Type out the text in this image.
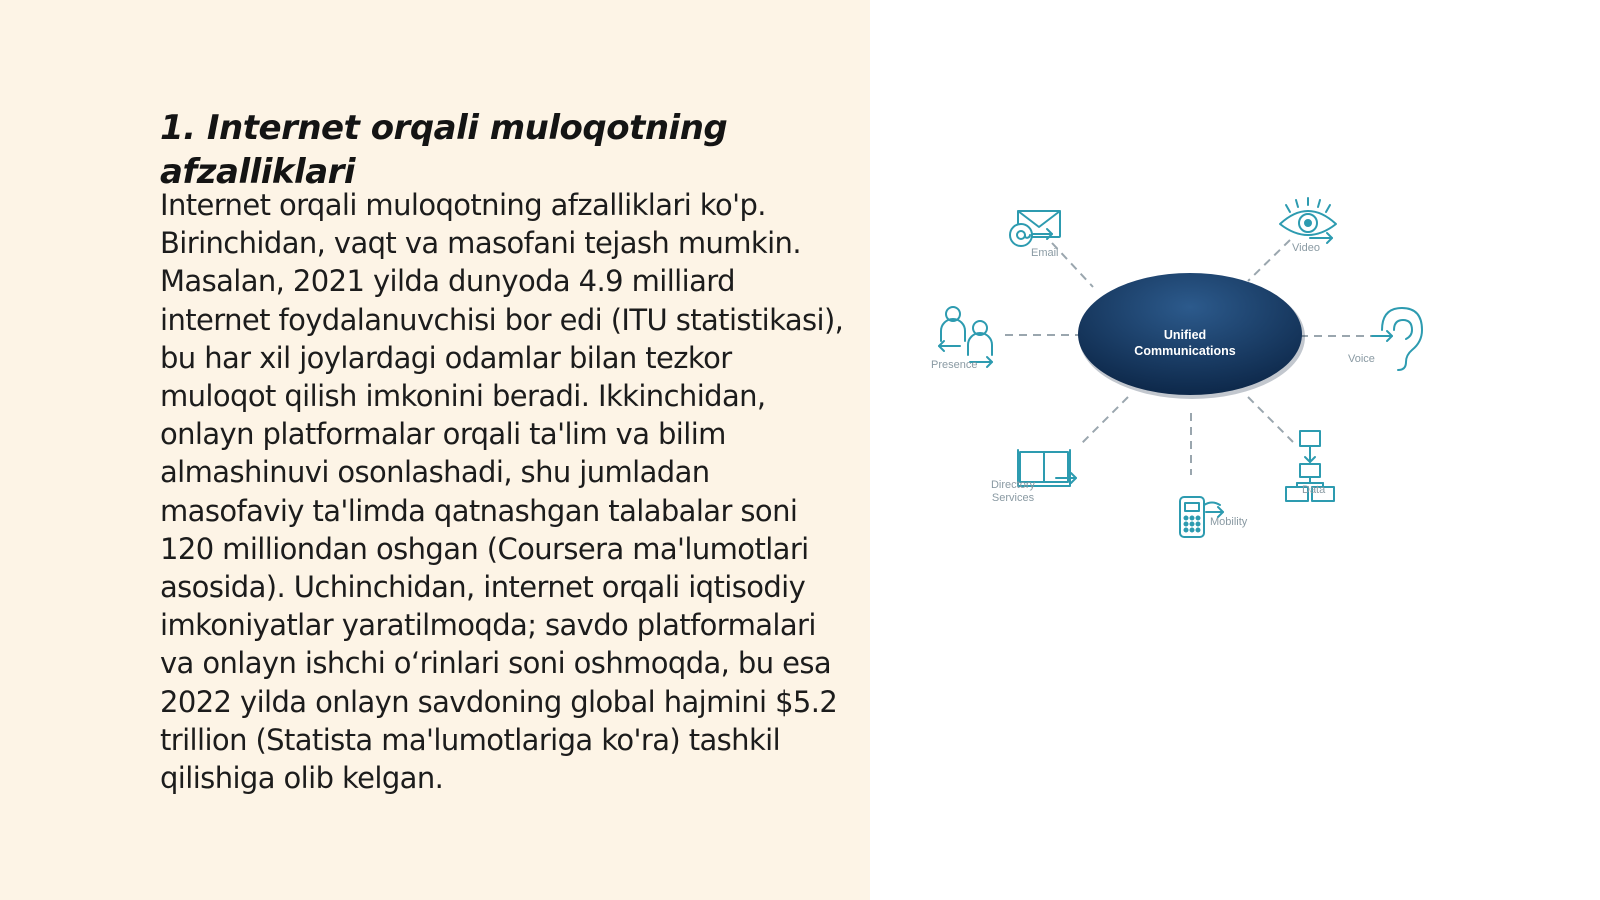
1. Internet orqali muloqotning afzalliklari

Internet orqali muloqotning afzalliklari ko'p. Birinchidan, vaqt va masofani tejash mumkin. Masalan, 2021 yilda dunyoda 4.9 milliard internet foydalanuvchisi bor edi (ITU statistikasi), bu har xil joylardagi odamlar bilan tezkor muloqot qilish imkonini beradi. Ikkinchidan, onlayn platformalar orqali ta'lim va bilim almashinuvi osonlashadi, shu jumladan masofaviy ta'limda qatnashgan talabalar soni 120 milliondan oshgan (Coursera ma'lumotlari asosida). Uchinchidan, internet orqali iqtisodiy imkoniyatlar yaratilmoqda; savdo platformalari va onlayn ishchi o‘rinlari soni oshmoqda, bu esa 2022 yilda onlayn savdoning global hajmini $5.2 trillion (Statista ma'lumotlariga ko'ra) tashkil qilishiga olib kelgan.

Unified
Communications
Email	Video
Presence	Voice
Directory
Services
Mobility
Data
